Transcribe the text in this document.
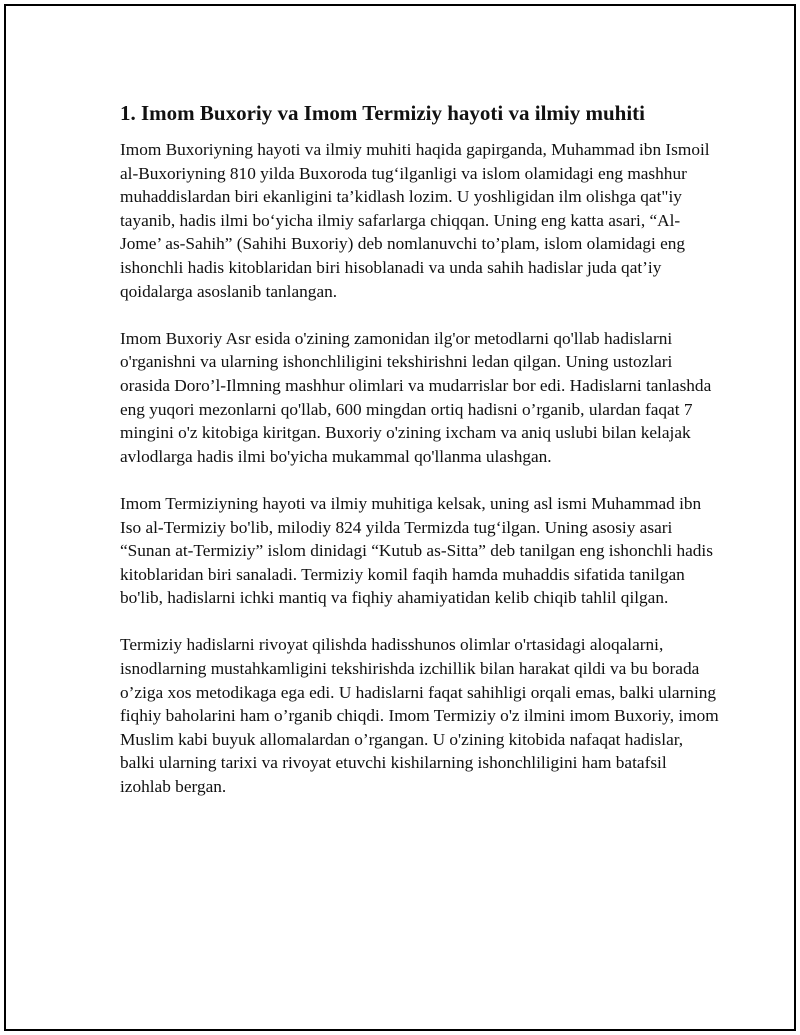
1. Imom Buxoriy va Imom Termiziy hayoti va ilmiy muhiti

Imom Buxoriyning hayoti va ilmiy muhiti haqida gapirganda, Muhammad ibn Ismoil al-Buxoriyning 810 yilda Buxoroda tug‘ilganligi va islom olamidagi eng mashhur muhaddislardan biri ekanligini ta’kidlash lozim. U yoshligidan ilm olishga qat"iy tayanib, hadis ilmi bo‘yicha ilmiy safarlarga chiqqan. Uning eng katta asari, “Al-Jome’ as-Sahih” (Sahihi Buxoriy) deb nomlanuvchi to’plam, islom olamidagi eng ishonchli hadis kitoblaridan biri hisoblanadi va unda sahih hadislar juda qat’iy qoidalarga asoslanib tanlangan.

Imom Buxoriy Asr esida o'zining zamonidan ilg'or metodlarni qo'llab hadislarni o'rganishni va ularning ishonchliligini tekshirishni ledan qilgan. Uning ustozlari orasida Doro’l-Ilmning mashhur olimlari va mudarrislar bor edi. Hadislarni tanlashda eng yuqori mezonlarni qo'llab, 600 mingdan ortiq hadisni o’rganib, ulardan faqat 7 mingini o'z kitobiga kiritgan. Buxoriy o'zining ixcham va aniq uslubi bilan kelajak avlodlarga hadis ilmi bo'yicha mukammal qo'llanma ulashgan.

Imom Termiziyning hayoti va ilmiy muhitiga kelsak, uning asl ismi Muhammad ibn Iso al-Termiziy bo'lib, milodiy 824 yilda Termizda tug‘ilgan. Uning asosiy asari “Sunan at-Termiziy” islom dinidagi “Kutub as-Sitta” deb tanilgan eng ishonchli hadis kitoblaridan biri sanaladi. Termiziy komil faqih hamda muhaddis sifatida tanilgan bo'lib, hadislarni ichki mantiq va fiqhiy ahamiyatidan kelib chiqib tahlil qilgan.

Termiziy hadislarni rivoyat qilishda hadisshunos olimlar o'rtasidagi aloqalarni, isnodlarning mustahkamligini tekshirishda izchillik bilan harakat qildi va bu borada o’ziga xos metodikaga ega edi. U hadislarni faqat sahihligi orqali emas, balki ularning fiqhiy baholarini ham o’rganib chiqdi. Imom Termiziy o'z ilmini imom Buxoriy, imom Muslim kabi buyuk allomalardan o’rgangan. U o'zining kitobida nafaqat hadislar, balki ularning tarixi va rivoyat etuvchi kishilarning ishonchliligini ham batafsil izohlab bergan.
